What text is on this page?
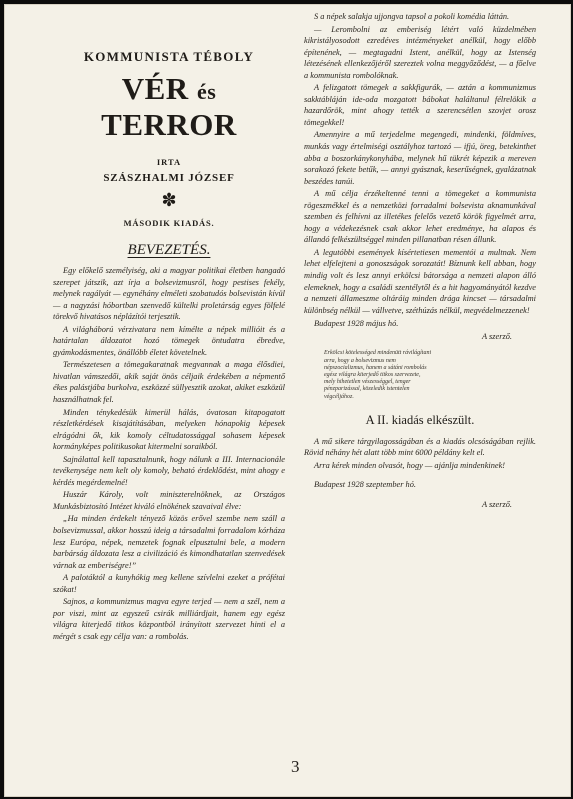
KOMMUNISTA TÉBOLY
VÉR és TERROR
IRTA
SZÁSZHALMI JÓZSEF
✽
MÁSODIK KIADÁS.
BEVEZETÉS.

Egy előkelő személyiség, aki a magyar politikai életben hangadó szerepet játszik, azt írja a bolsevizmusról, hogy pestises fekély, melynek ragályát — egynéhány elméleti szobatudós bolsevistán kívül — a nagyzási hóbortban szenvedő kültelki proletárság egyes fölfelé törekvő hivatásos néplázítói terjesztik.

A világháború vérzivatara nem kímélte a népek millióit és a határtalan áldozatot hozó tömegek öntudatra ébredve, gyámkodásmentes, önállóbb életet követelnek.

Természetesen a tömegakaratnak megvannak a maga élősdiei, hivatlan vámszedői, akik saját önös céljaik érdekében a népmentő ékes palástjába burkolva, eszközzé süllyesztik azokat, akiket eszközül használhatnak fel.

Minden ténykedésük kimerül hálás, óvatosan kitapogatott részletkérdések kisajátításában, melyeken hónapokig képesek elrágódni ők, kik komoly céltudatossággal sohasem képesek kormányképes politikusokat kitermelni soraikból.

Sajnálattal kell tapasztalnunk, hogy nálunk a III. Internacionále tevékenysége nem kelt oly komoly, beható érdeklődést, mint ahogy e kérdés megérdemelné!

Huszár Károly, volt miniszterelnöknek, az Országos Munkásbiztosító Intézet kiváló elnökének szavaival élve:

„Ha minden érdekelt tényező közös erővel szembe nem száll a bolsevizmussal, akkor hosszú ideig a társadalmi forradalom kórháza lesz Európa, népek, nemzetek fognak elpusztulni bele, a modern barbárság áldozata lesz a civilizáció és kimondhatatlan szenvedések várnak az emberiségre!”

A palotáktól a kunyhókig meg kellene szívlelni ezeket a prófétai szókat!

Sajnos, a kommunizmus magva egyre terjed — nem a szél, nem a por viszi, mint az egyszeű csirák milliárdjait, hanem egy egész világra kiterjedő titkos központból irányított szervezet hinti el a mérgét s csak egy célja van: a rombolás.

S a népek salakja ujjongva tapsol a pokoli komédia láttán.

— Lerombolni az emberiség létért való küzdelmében kikristályosodott ezredéves intézményeket anélkül, hogy előbb építenének, — megtagadni Istent, anélkül, hogy az Istenség létezésének ellenkezőjéről szereztek volna meggyőződést, — a főelve a kommunista rombolóknak.

A felizgatott tömegek a sakkfigurák, — aztán a kommunizmus sakktábláján ide-oda mozgatott bábokat haláltanul félrelökik a hazardőrök, mint ahogy tették a szerencsétlen szovjet orosz tömegekkel!

Amennyire a mű terjedelme megengedi, mindenki, földmíves, munkás vagy értelmiségi osztályhoz tartozó — ifjú, öreg, betekinthet abba a boszorkánykonyhába, melynek hű tükrét képezik a mereven sorakozó fekete betűk, — annyi gyásznak, keserűségnek, gyalázatnak beszédes tanúi.

A mű célja érzékeltenné tenni a tömegeket a kommunista rögeszmékkel és a nemzetközi forradalmi bolsevista aknamunkával szemben és felhívni az illetékes felelős vezető körök figyelmét arra, hogy a védekezésnek csak akkor lehet eredménye, ha alapos és állandó felkészültséggel minden pillanatban résen állunk.

A legutóbbi események kísértetiesen mementói a multnak. Nem lehet elfelejteni a gonoszságok sorozatát! Bíznunk kell abban, hogy mindig volt és lesz annyi erkölcsi bátorsága a nemzeti alapon álló elemeknek, hogy a családi szentélytől és a hit hagyományától kezdve a nemzeti állameszme oltáráig minden drága kincset — társadalmi különbség nélkül — vállvetve, széthúzás nélkül, megvédelmezzenek!

Budapest 1928 május hó.

A szerző.

Erkölcsi kötelességed mindenütt rávilágítani arra, hogy a bolsevizmus nem népszocializmus, hanem a sátáni rombolás egész világra kiterjedő titkos szervezete, mely hihetetlen vészességgel, tenger pénzparizással, közeledik istentelen végcéljához.
A II. kiadás elkészült.

A mű sikere tárgyilagosságában és a kiadás olcsóságában rejlik. Rövid néhány hét alatt több mint 6000 példány kelt el.

Arra kérek minden olvasót, hogy — ajánlja mindenkinek!

Budapest 1928 szeptember hó.

A szerző.

3
